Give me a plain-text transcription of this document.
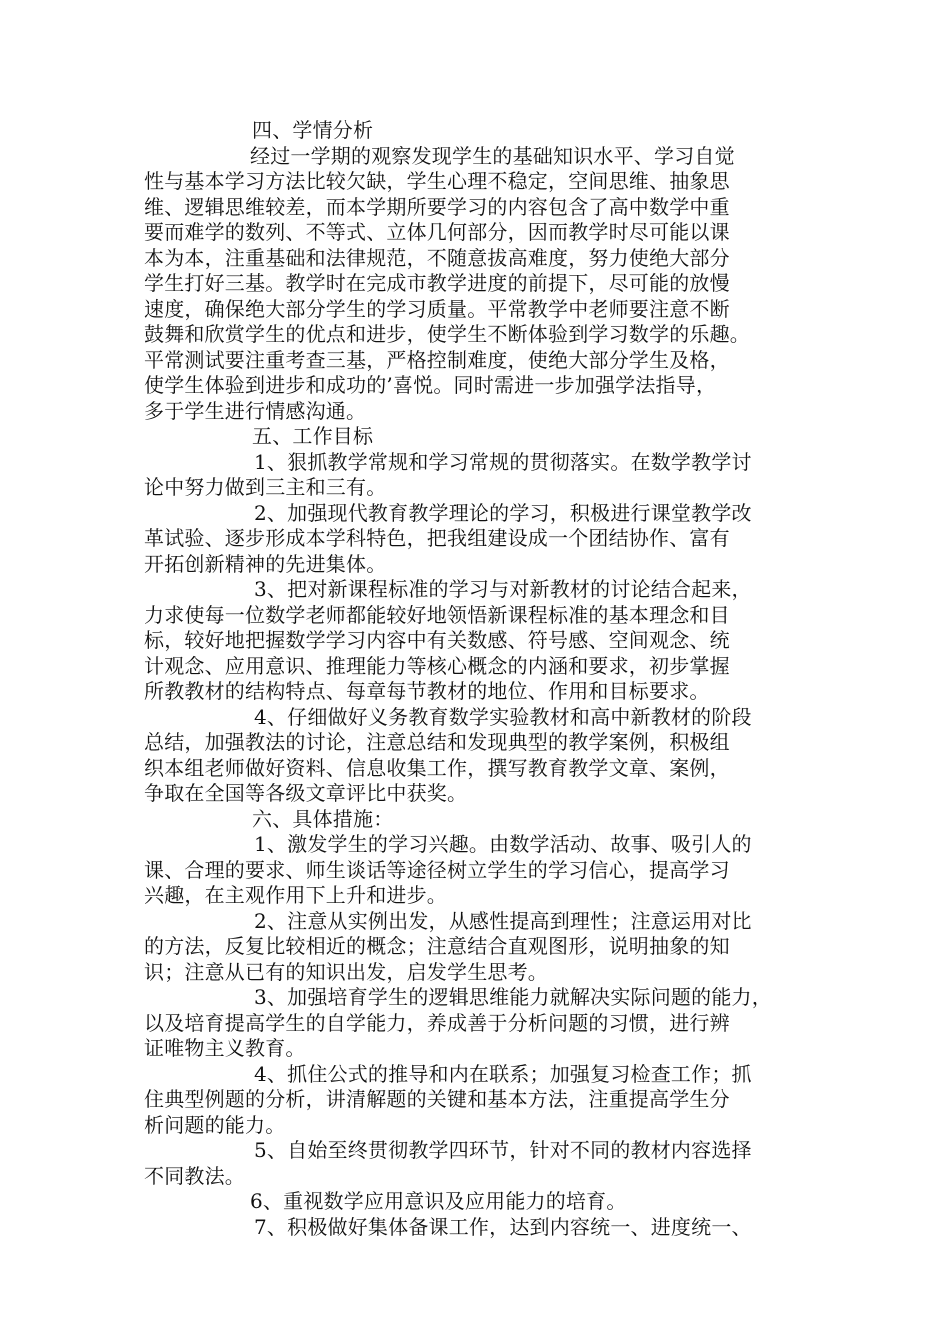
四、学情分析
经过一学期的观察发现学生的基础知识水平、学习自觉
性与基本学习方法比较欠缺，学生心理不稳定，空间思维、抽象思
维、逻辑思维较差，而本学期所要学习的内容包含了高中数学中重
要而难学的数列、不等式、立体几何部分，因而教学时尽可能以课
本为本，注重基础和法律规范，不随意拔高难度，努力使绝大部分
学生打好三基。教学时在完成市教学进度的前提下，尽可能的放慢
速度，确保绝大部分学生的学习质量。平常教学中老师要注意不断
鼓舞和欣赏学生的优点和进步，使学生不断体验到学习数学的乐趣。
平常测试要注重考查三基，严格控制难度，使绝大部分学生及格，
使学生体验到进步和成功的’喜悦。同时需进一步加强学法指导，
多于学生进行情感沟通。
五、工作目标
1、狠抓教学常规和学习常规的贯彻落实。在数学教学讨
论中努力做到三主和三有。
2、加强现代教育教学理论的学习，积极进行课堂教学改
革试验、逐步形成本学科特色，把我组建设成一个团结协作、富有
开拓创新精神的先进集体。
3、把对新课程标准的学习与对新教材的讨论结合起来，
力求使每一位数学老师都能较好地领悟新课程标准的基本理念和目
标，较好地把握数学学习内容中有关数感、符号感、空间观念、统
计观念、应用意识、推理能力等核心概念的内涵和要求，初步掌握
所教教材的结构特点、每章每节教材的地位、作用和目标要求。
4、仔细做好义务教育数学实验教材和高中新教材的阶段
总结，加强教法的讨论，注意总结和发现典型的教学案例，积极组
织本组老师做好资料、信息收集工作，撰写教育教学文章、案例，
争取在全国等各级文章评比中获奖。
六、具体措施：
1、激发学生的学习兴趣。由数学活动、故事、吸引人的
课、合理的要求、师生谈话等途径树立学生的学习信心，提高学习
兴趣，在主观作用下上升和进步。
2、注意从实例出发，从感性提高到理性；注意运用对比
的方法，反复比较相近的概念；注意结合直观图形，说明抽象的知
识；注意从已有的知识出发，启发学生思考。
3、加强培育学生的逻辑思维能力就解决实际问题的能力，
以及培育提高学生的自学能力，养成善于分析问题的习惯，进行辨
证唯物主义教育。
4、抓住公式的推导和内在联系；加强复习检查工作；抓
住典型例题的分析，讲清解题的关键和基本方法，注重提高学生分
析问题的能力。
5、自始至终贯彻教学四环节，针对不同的教材内容选择
不同教法。
6、重视数学应用意识及应用能力的培育。
7、积极做好集体备课工作，达到内容统一、进度统一、
